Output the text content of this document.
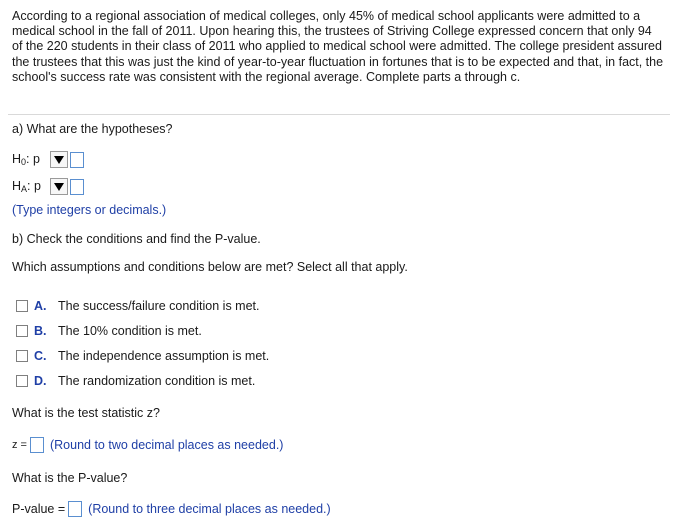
According to a regional association of medical colleges, only 45% of medical school applicants were admitted to a medical school in the fall of 2011. Upon hearing this, the trustees of Striving College expressed concern that only 94 of the 220 students in their class of 2011 who applied to medical school were admitted. The college president assured the trustees that this was just the kind of year-to-year fluctuation in fortunes that is to be expected and that, in fact, the school's success rate was consistent with the regional average. Complete parts a through c.
a) What are the hypotheses?
$H_0$: p
$H_A$: p
(Type integers or decimals.)
b) Check the conditions and find the P-value.
Which assumptions and conditions below are met? Select all that apply.
A. The success/failure condition is met.
B. The 10% condition is met.
C. The independence assumption is met.
D. The randomization condition is met.
What is the test statistic z?
z = (Round to two decimal places as needed.)
What is the P-value?
P-value = (Round to three decimal places as needed.)
